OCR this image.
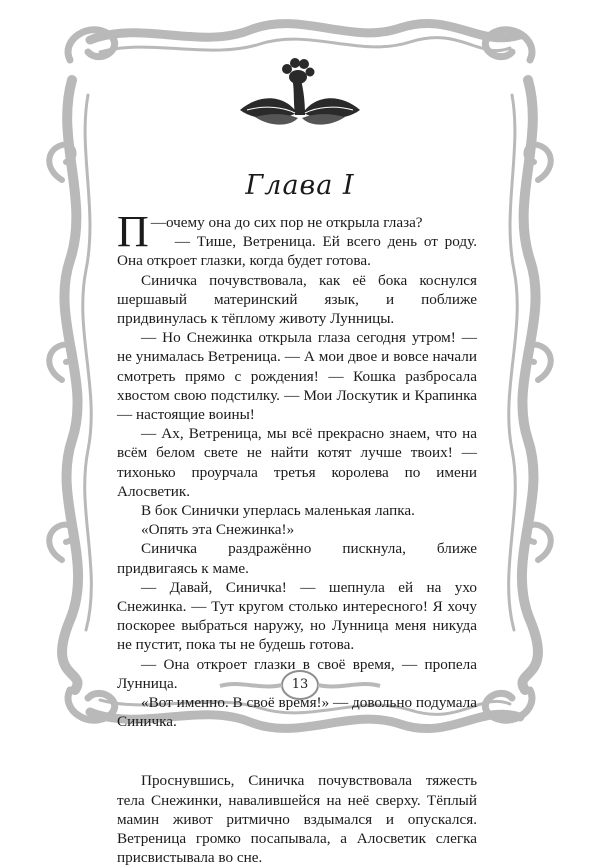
Глава I

—
П очему она до сих пор не открыла глаза?

— Тише, Ветреница. Ей всего день от роду. Она откроет глазки, когда будет готова.

Синичка почувствовала, как её бока коснулся шершавый материнский язык, и поближе придвинулась к тёплому животу Лунницы.

— Но Снежинка открыла глаза сегодня утром! — не унималась Ветреница. — А мои двое и вовсе начали смотреть прямо с рождения! — Кошка разбросала хвостом свою подстилку. — Мои Лоскутик и Крапинка — настоящие воины!

— Ах, Ветреница, мы всё прекрасно знаем, что на всём белом свете не найти котят лучше твоих! — тихонько проурчала третья королева по имени Алосветик.

В бок Синички уперлась маленькая лапка.

«Опять эта Снежинка!»

Синичка раздражённо пискнула, ближе придвигаясь к маме.

— Давай, Синичка! — шепнула ей на ухо Снежинка. — Тут кругом столько интересного! Я хочу поскорее выбраться наружу, но Лунница меня никуда не пустит, пока ты не будешь готова.

— Она откроет глазки в своё время, — пропела Лунница.

«Вот именно. В своё время!» — довольно подумала Синичка.

Проснувшись, Синичка почувствовала тяжесть тела Снежинки, навалившейся на неё сверху. Тёплый мамин живот ритмично вздымался и опускался. Ветреница громко посапывала, а Алосветик слегка присвистывала во сне.

13
